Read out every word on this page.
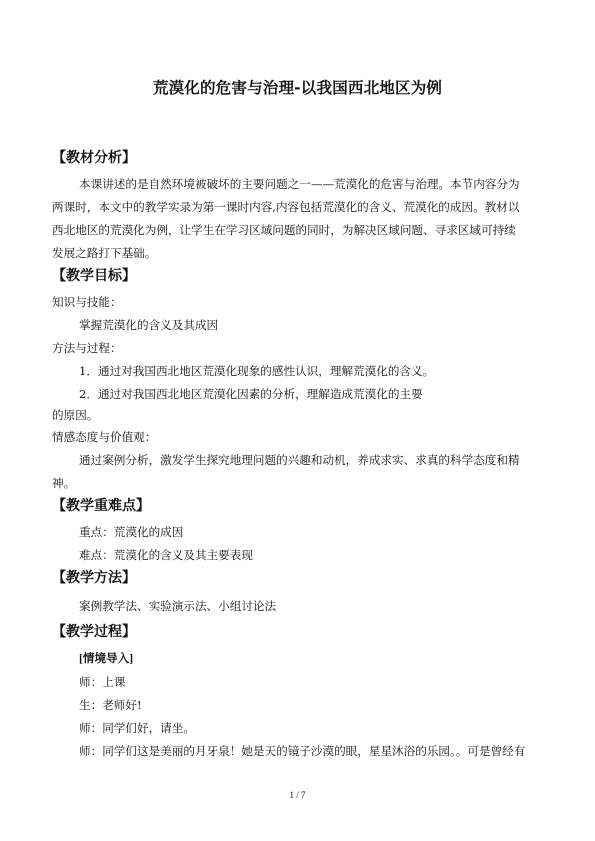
荒漠化的危害与治理-以我国西北地区为例
【教材分析】
本课讲述的是自然环境被破坏的主要问题之一——荒漠化的危害与治理。本节内容分为
两课时，本文中的教学实录为第一课时内容,内容包括荒漠化的含义、荒漠化的成因。教材以
西北地区的荒漠化为例，让学生在学习区域问题的同时，为解决区域问题、寻求区域可持续
发展之路打下基础。
【教学目标】
知识与技能：
掌握荒漠化的含义及其成因
方法与过程：
1．通过对我国西北地区荒漠化现象的感性认识，理解荒漠化的含义。
2．通过对我国西北地区荒漠化因素的分析，理解造成荒漠化的主要
的原因。
情感态度与价值观：
通过案例分析，激发学生探究地理问题的兴趣和动机，养成求实、求真的科学态度和精
神。
【教学重难点】
重点：荒漠化的成因
难点：荒漠化的含义及其主要表现
【教学方法】
案例教学法、实验演示法、小组讨论法
【教学过程】
[情境导入]
师：上课
生：老师好!
师：同学们好，请坐。
师：同学们这是美丽的月牙泉！她是天的镜子沙漠的眼，星星沐浴的乐园。。可是曾经有
1 / 7
